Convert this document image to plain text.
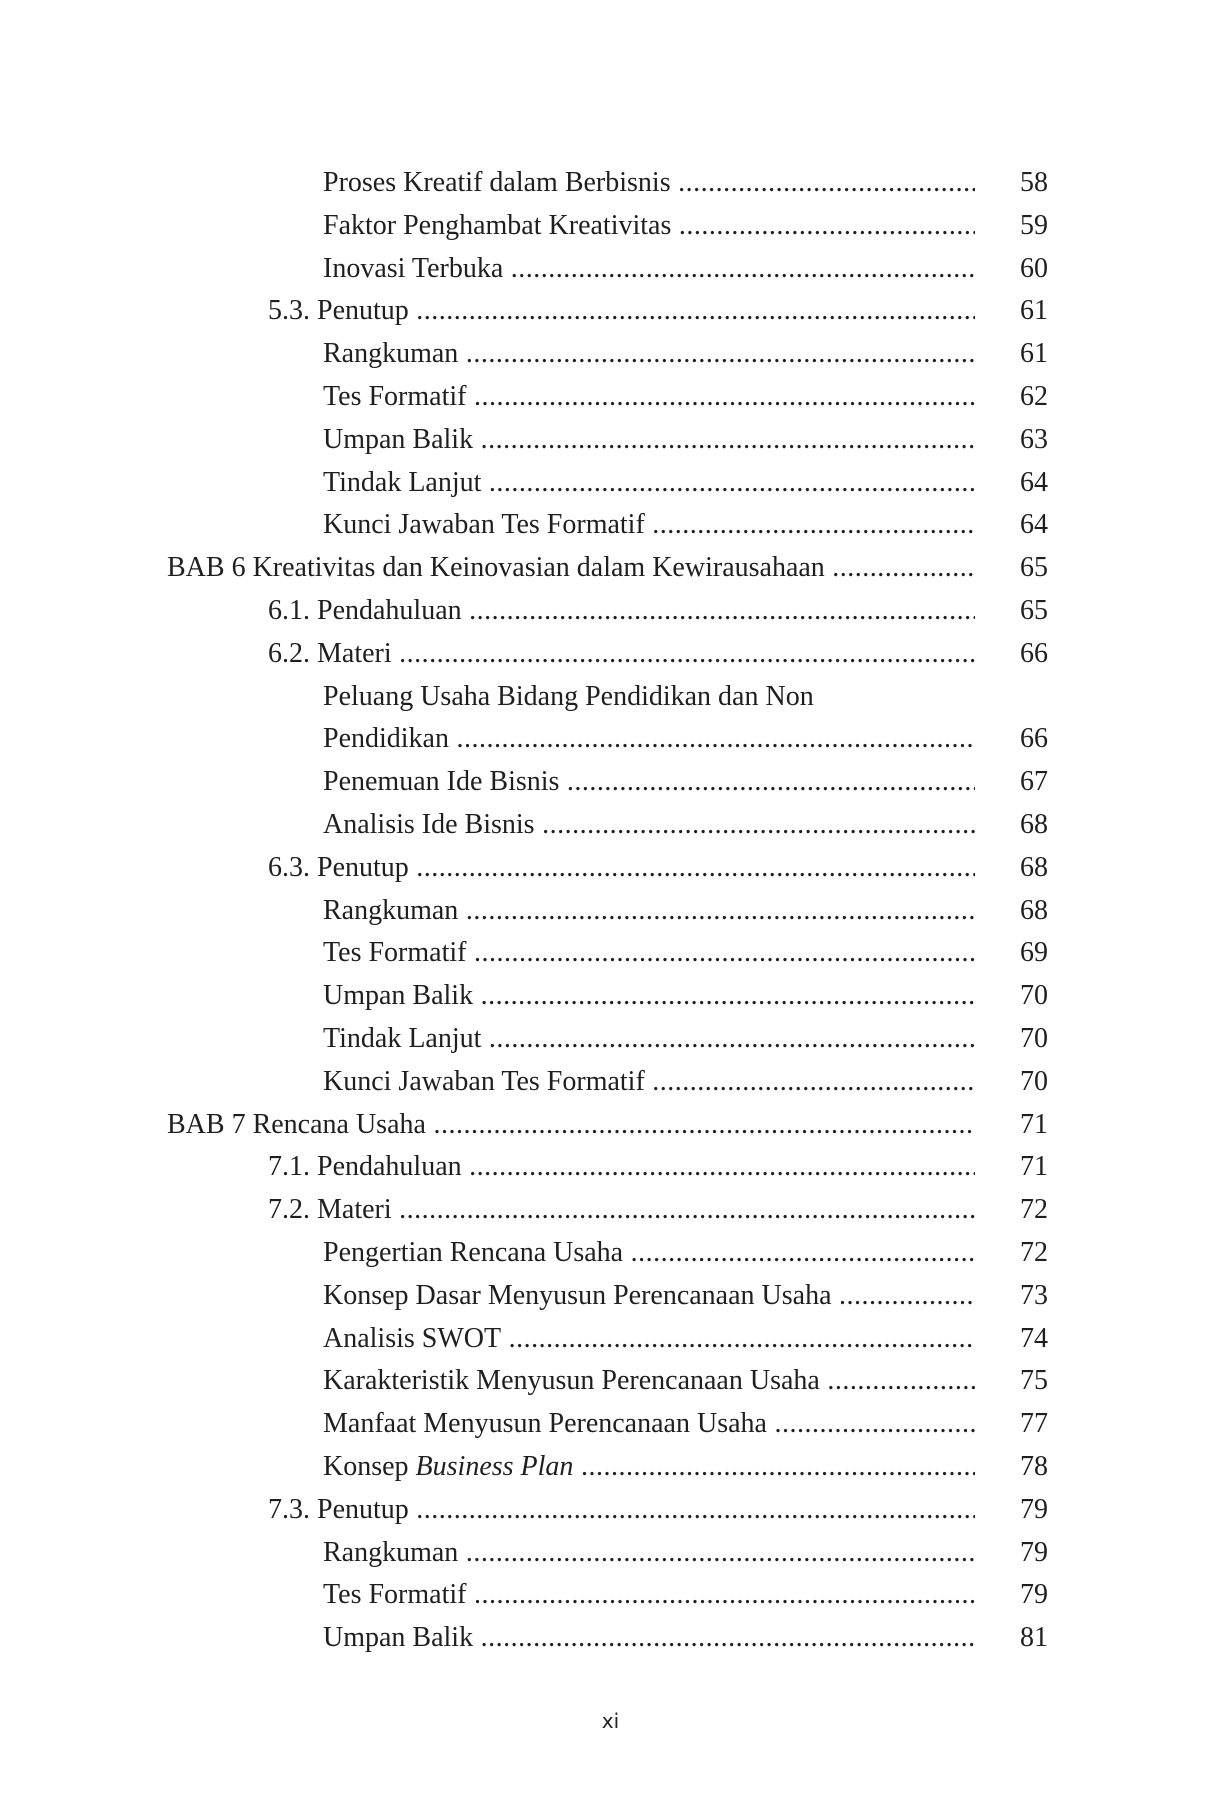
Proses Kreatif dalam Berbisnis .....	58
Faktor Penghambat Kreativitas .....	59
Inovasi Terbuka .....	60
5.3. Penutup .....	61
Rangkuman .....	61
Tes Formatif .....	62
Umpan Balik .....	63
Tindak Lanjut .....	64
Kunci Jawaban Tes Formatif .....	64
BAB 6 Kreativitas dan Keinovasian dalam Kewirausahaan .....	65
6.1. Pendahuluan .....	65
6.2. Materi .....	66
Peluang Usaha Bidang Pendidikan dan Non
Pendidikan .....	66
Penemuan Ide Bisnis .....	67
Analisis Ide Bisnis .....	68
6.3. Penutup .....	68
Rangkuman .....	68
Tes Formatif .....	69
Umpan Balik .....	70
Tindak Lanjut .....	70
Kunci Jawaban Tes Formatif .....	70
BAB 7 Rencana Usaha .....	71
7.1. Pendahuluan .....	71
7.2. Materi .....	72
Pengertian Rencana Usaha .....	72
Konsep Dasar Menyusun Perencanaan Usaha .....	73
Analisis SWOT .....	74
Karakteristik Menyusun Perencanaan Usaha .....	75
Manfaat Menyusun Perencanaan Usaha .....	77
Konsep Business Plan .....	78
7.3. Penutup .....	79
Rangkuman .....	79
Tes Formatif .....	79
Umpan Balik .....	81
xi
